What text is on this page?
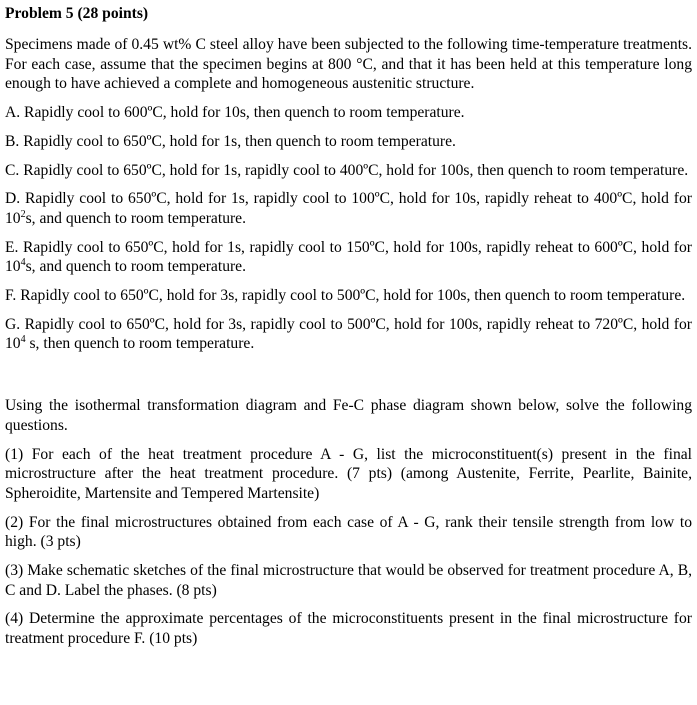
Problem 5 (28 points)

Specimens made of 0.45 wt% C steel alloy have been subjected to the following time-temperature treatments. For each case, assume that the specimen begins at 800 °C, and that it has been held at this temperature long enough to have achieved a complete and homogeneous austenitic structure.

A. Rapidly cool to 600ºC, hold for 10s, then quench to room temperature.

B. Rapidly cool to 650ºC, hold for 1s, then quench to room temperature.

C. Rapidly cool to 650ºC, hold for 1s, rapidly cool to 400ºC, hold for 100s, then quench to room temperature.

D. Rapidly cool to 650ºC, hold for 1s, rapidly cool to 100ºC, hold for 10s, rapidly reheat to 400ºC, hold for $10^2s$, and quench to room temperature.

E. Rapidly cool to 650ºC, hold for 1s, rapidly cool to 150ºC, hold for 100s, rapidly reheat to 600ºC, hold for $10^4s$, and quench to room temperature.

F. Rapidly cool to 650ºC, hold for 3s, rapidly cool to 500ºC, hold for 100s, then quench to room temperature.

G. Rapidly cool to 650ºC, hold for 3s, rapidly cool to 500ºC, hold for 100s, rapidly reheat to 720ºC, hold for $10^4$ s, then quench to room temperature.

Using the isothermal transformation diagram and Fe-C phase diagram shown below, solve the following questions.

(1) For each of the heat treatment procedure A - G, list the microconstituent(s) present in the final microstructure after the heat treatment procedure. (7 pts) (among Austenite, Ferrite, Pearlite, Bainite, Spheroidite, Martensite and Tempered Martensite)

(2) For the final microstructures obtained from each case of A - G, rank their tensile strength from low to high. (3 pts)

(3) Make schematic sketches of the final microstructure that would be observed for treatment procedure A, B, C and D. Label the phases. (8 pts)

(4) Determine the approximate percentages of the microconstituents present in the final microstructure for treatment procedure F. (10 pts)
